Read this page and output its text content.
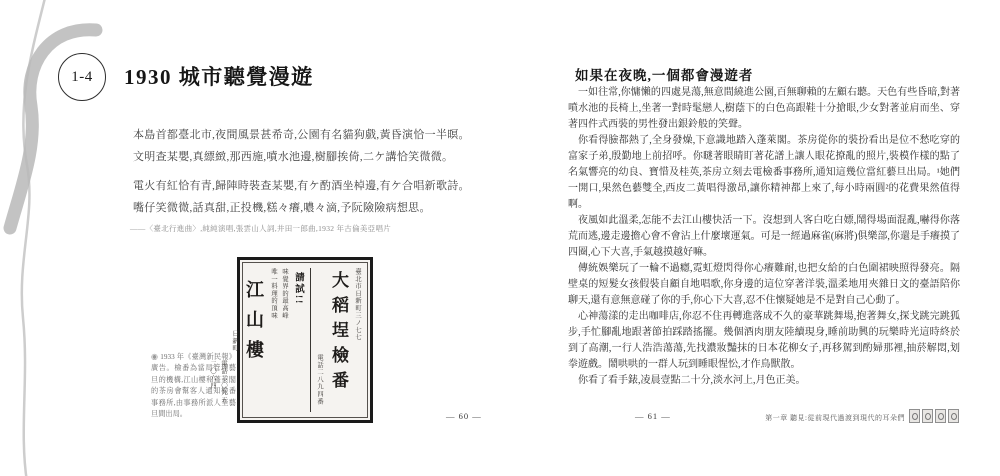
1-4	1930 城市聽覺漫遊

本島首都臺北市,夜間風景甚希奇,公園有名貓狗戲,黃昏演恰一半暝。
文明查某嬰,真縹緻,那西施,噴水池邊,樹腳挨倚,二ケ講恰笑微微。

電火有紅恰有青,歸陣時裝查某嬰,有ケ酌酒坐棹邊,有ケ合唱新歌詩。
嘴仔笑微微,話真甜,正投機,糕々癢,噥々滴,予阮險險病想思。

——〈臺北行進曲〉,純純演唱,張雲山人詞,井田一郎曲,1932 年古倫美亞唱片
◉ 1933 年《臺灣新民報》廣告。檢番為當局管理藝旦的機構,江山樓和蓬萊閣的茶房會幫客人通知檢番事務所,由事務所派人至藝旦間出局。
臺北市日新町三ノ七七
大稻埕檢番
電話二八九四番
請試!!
味覺界的最高峰
唯一料理的頂味
江山樓
日新町
電話二〇九五
二〇六四
如果在夜晚,一個都會漫遊者

一如往常,你慵懶的四處晃蕩,無意間繞進公園,百無聊賴的左顧右聽。天色有些昏暗,對著噴水池的長椅上,坐著一對時髦戀人,樹蔭下的白色高跟鞋十分搶眼,少女對著並肩而坐、穿著四件式西裝的男性發出銀鈴般的笑聲。

你看得臉都熱了,全身發燥,下意識地踏入蓬萊閣。茶房從你的裝扮看出是位不愁吃穿的富家子弟,殷勤地上前招呼。你瞇著眼睛盯著花譜上讓人眼花撩亂的照片,裝模作樣的點了名氣響亮的幼良、寶惜及桂英,茶房立刻去電檢番事務所,通知這幾位當紅藝旦出局。¹她們一開口,果然色藝雙全,西皮二黃唱得激昂,讓你精神都上來了,每小時兩圓²的花費果然值得啊。

夜風如此溫柔,怎能不去江山樓快活一下。沒想到人客白吃白嫖,鬧得場面混亂,嚇得你落荒而逃,邊走邊擔心會不會沾上什麼壞運氣。可是一經過麻雀(麻將)俱樂部,你還是手癢摸了四圈,心下大喜,手氣越摸越好嘛。

傳統娛樂玩了一輪不過癮,霓虹燈閃得你心癢難耐,也把女給的白色圍裙映照得發亮。隔壁桌的短髮女孩假裝自顧自地唱歌,你身邊的這位穿著洋裝,溫柔地用夾雜日文的臺語陪你聊天,還有意無意碰了你的手,你心下大喜,忍不住懷疑她是不是對自己心動了。

心神蕩漾的走出咖啡店,你忍不住再轉進落成不久的豪華跳舞場,抱著舞女,探戈跳完跳狐步,手忙腳亂地跟著節拍踩踏搖擺。幾個酒肉朋友陸續現身,睡前助興的玩樂時光這時終於到了高潮,一行人浩浩蕩蕩,先找濃妝豔抹的日本花柳女子,再移駕到酌婦那裡,抽菸解悶,划拳遊戲。鬧哄哄的一群人玩到睡眼惺忪,才作鳥獸散。

你看了看手錶,凌晨壹點二十分,淡水河上,月色正美。

— 60 —	— 61 —	第一章 聽見:從前現代過渡到現代的耳朵們
